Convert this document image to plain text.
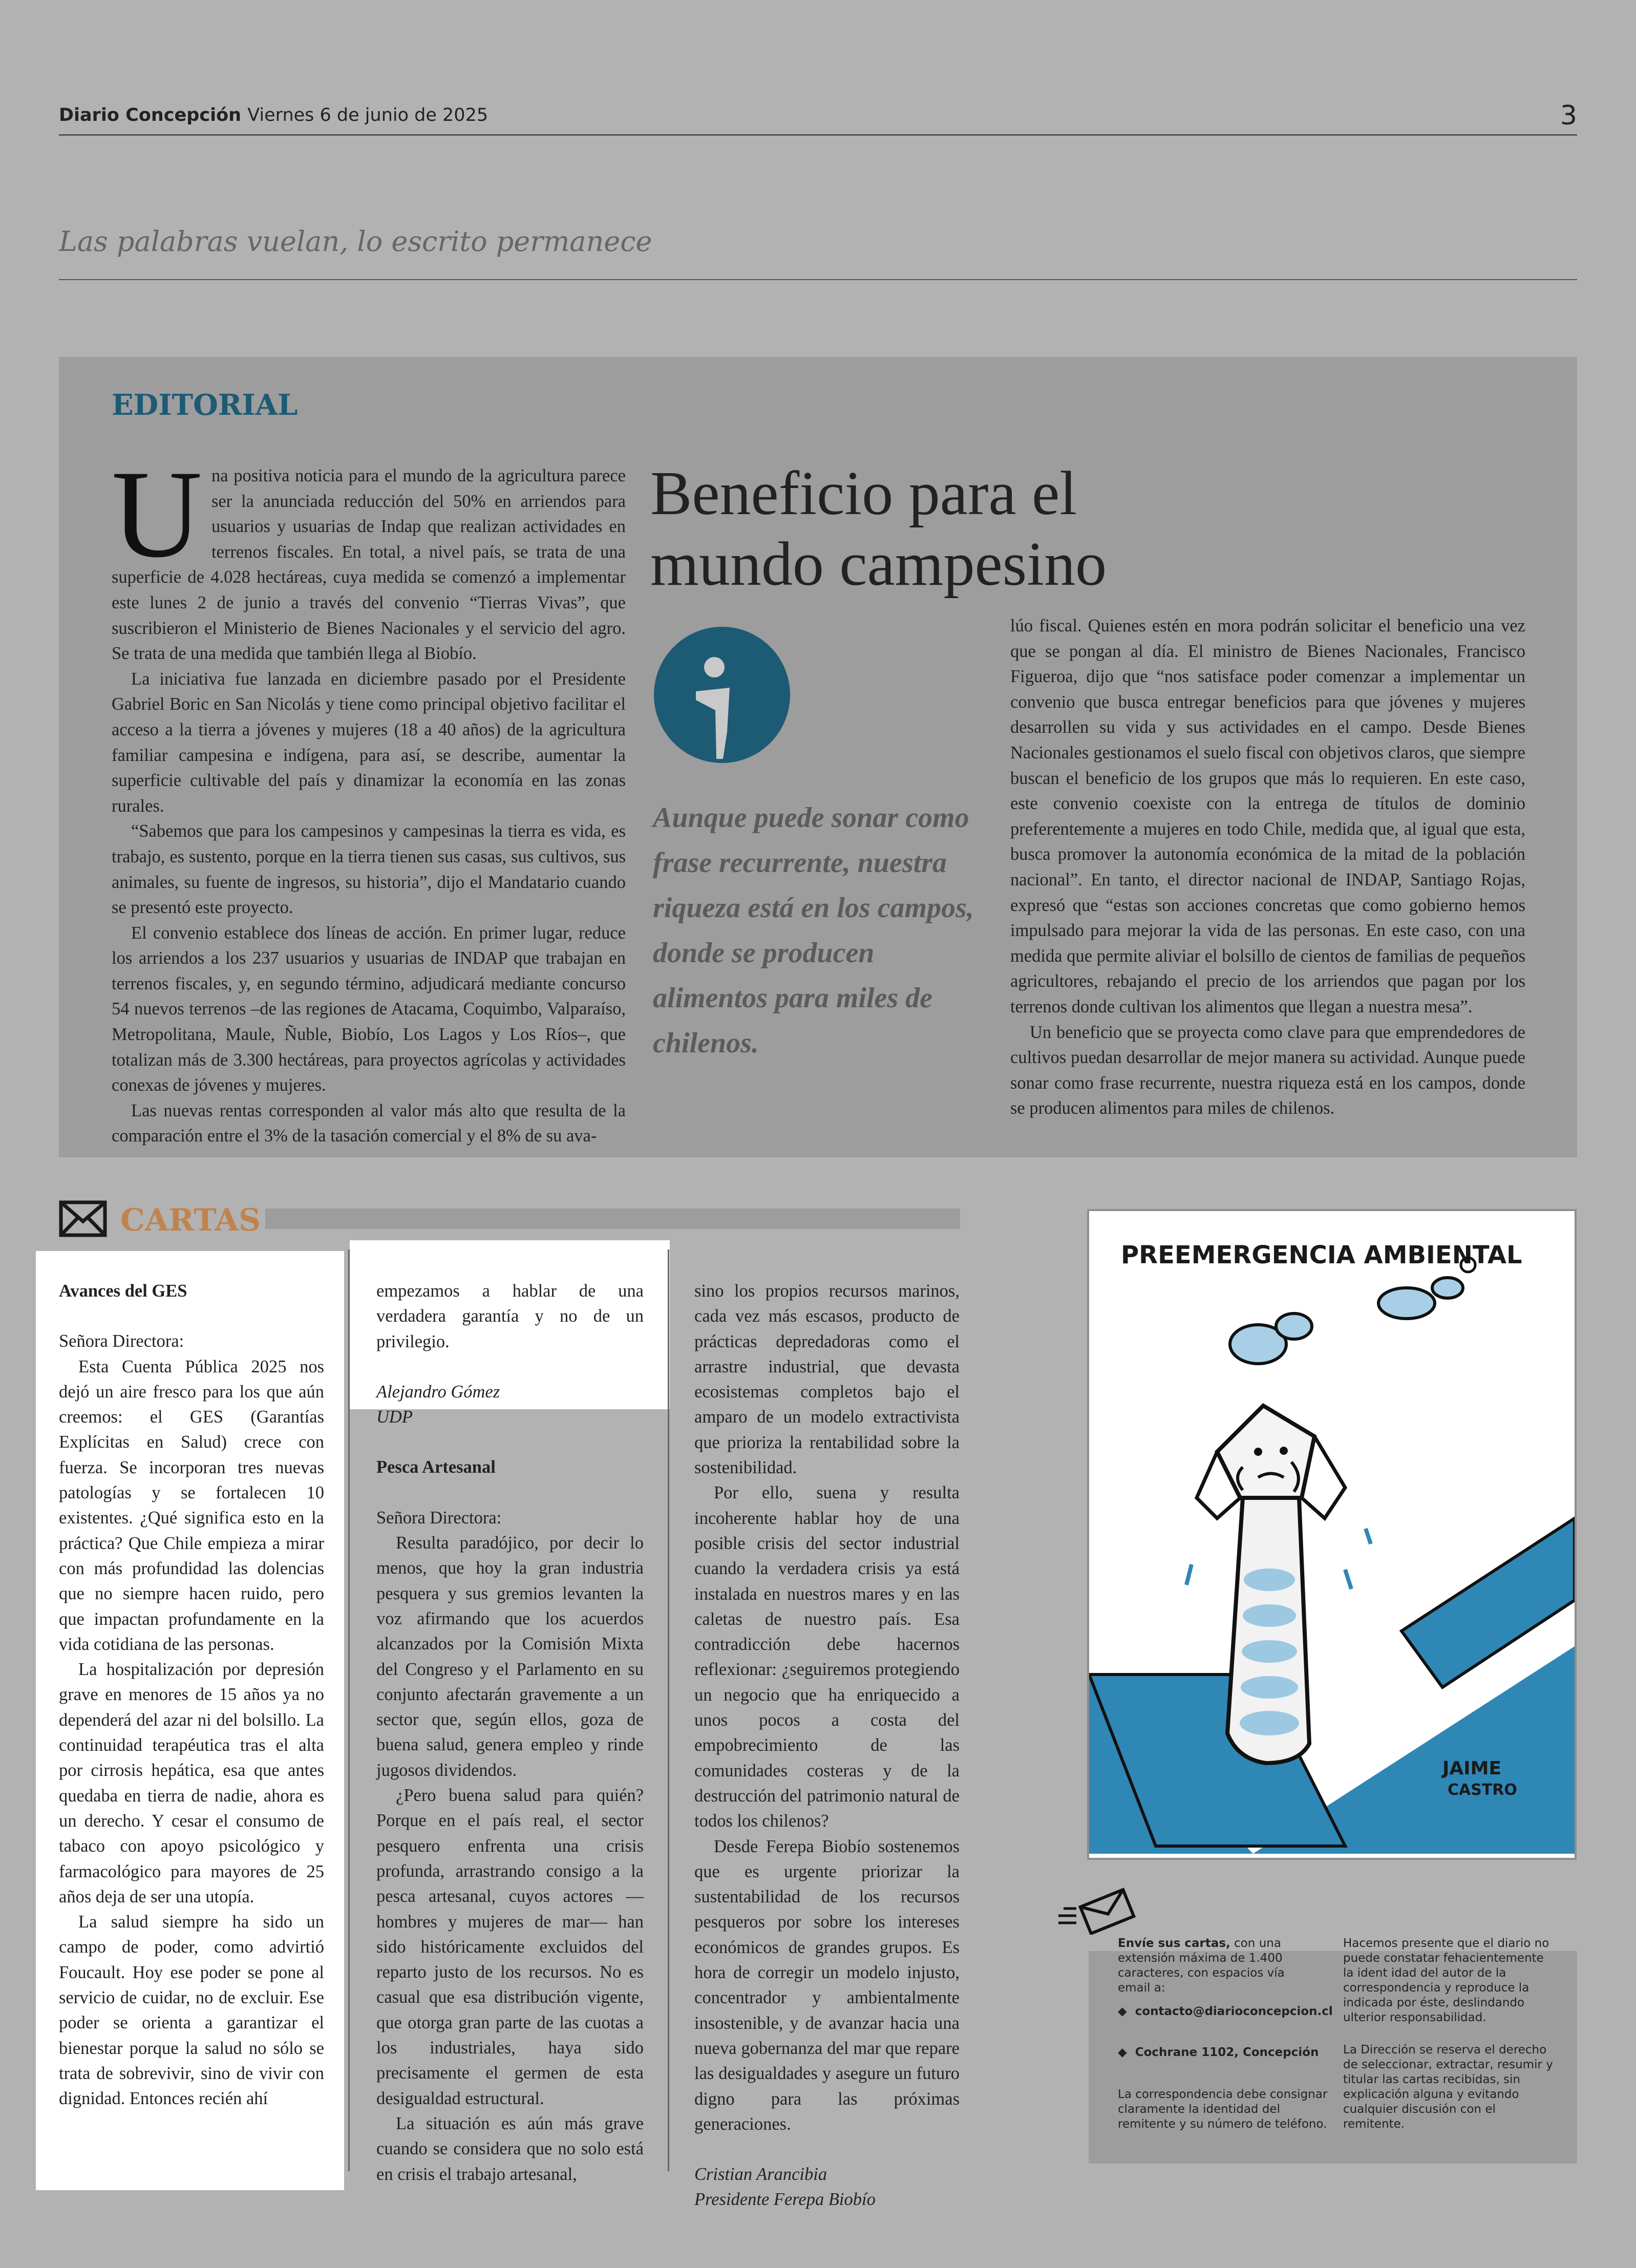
Diario Concepción Viernes 6 de junio de 2025	3
Las palabras vuelan, lo escrito permanece
EDITORIAL

Una positiva noticia para el mundo de la agricultura parece ser la anunciada reducción del 50% en arriendos para usuarios y usuarias de Indap que realizan actividades en terrenos fiscales. En total, a nivel país, se trata de una superficie de 4.028 hectáreas, cuya medida se comenzó a implementar este lunes 2 de junio a través del convenio “Tierras Vivas”, que suscribieron el Ministerio de Bienes Nacionales y el servicio del agro. Se trata de una medida que también llega al Biobío.

La iniciativa fue lanzada en diciembre pasado por el Presidente Gabriel Boric en San Nicolás y tiene como principal objetivo facilitar el acceso a la tierra a jóvenes y mujeres (18 a 40 años) de la agricultura familiar campesina e indígena, para así, se describe, aumentar la superficie cultivable del país y dinamizar la economía en las zonas rurales.

“Sabemos que para los campesinos y campesinas la tierra es vida, es trabajo, es sustento, porque en la tierra tienen sus casas, sus cultivos, sus animales, su fuente de ingresos, su historia”, dijo el Mandatario cuando se presentó este proyecto.

El convenio establece dos líneas de acción. En primer lugar, reduce los arriendos a los 237 usuarios y usuarias de INDAP que trabajan en terrenos fiscales, y, en segundo término, adjudicará mediante concurso 54 nuevos terrenos –de las regiones de Atacama, Coquimbo, Valparaíso, Metropolitana, Maule, Ñuble, Biobío, Los Lagos y Los Ríos–, que totalizan más de 3.300 hectáreas, para proyectos agrícolas y actividades conexas de jóvenes y mujeres.

Las nuevas rentas corresponden al valor más alto que resulta de la comparación entre el 3% de la tasación comercial y el 8% de su ava-

Beneficio para el mundo campesino
Aunque puede sonar como frase recurrente, nuestra riqueza está en los campos, donde se producen alimentos para miles de chilenos.

lúo fiscal. Quienes estén en mora podrán solicitar el beneficio una vez que se pongan al día. El ministro de Bienes Nacionales, Francisco Figueroa, dijo que “nos satisface poder comenzar a implementar un convenio que busca entregar beneficios para que jóvenes y mujeres desarrollen su vida y sus actividades en el campo. Desde Bienes Nacionales gestionamos el suelo fiscal con objetivos claros, que siempre buscan el beneficio de los grupos que más lo requieren. En este caso, este convenio coexiste con la entrega de títulos de dominio preferentemente a mujeres en todo Chile, medida que, al igual que esta, busca promover la autonomía económica de la mitad de la población nacional”. En tanto, el director nacional de INDAP, Santiago Rojas, expresó que “estas son acciones concretas que como gobierno hemos impulsado para mejorar la vida de las personas. En este caso, con una medida que permite aliviar el bolsillo de cientos de familias de pequeños agricultores, rebajando el precio de los arriendos que pagan por los terrenos donde cultivan los alimentos que llegan a nuestra mesa”.

Un beneficio que se proyecta como clave para que emprendedores de cultivos puedan desarrollar de mejor manera su actividad. Aunque puede sonar como frase recurrente, nuestra riqueza está en los campos, donde se producen alimentos para miles de chilenos.

CARTAS

Avances del GES

Señora Directora:

Esta Cuenta Pública 2025 nos dejó un aire fresco para los que aún creemos: el GES (Garantías Explícitas en Salud) crece con fuerza. Se incorporan tres nuevas patologías y se fortalecen 10 existentes. ¿Qué significa esto en la práctica? Que Chile empieza a mirar con más profundidad las dolencias que no siempre hacen ruido, pero que impactan profundamente en la vida cotidiana de las personas.

La hospitalización por depresión grave en menores de 15 años ya no dependerá del azar ni del bolsillo. La continuidad terapéutica tras el alta por cirrosis hepática, esa que antes quedaba en tierra de nadie, ahora es un derecho. Y cesar el consumo de tabaco con apoyo psicológico y farmacológico para mayores de 25 años deja de ser una utopía.

La salud siempre ha sido un campo de poder, como advirtió Foucault. Hoy ese poder se pone al servicio de cuidar, no de excluir. Ese poder se orienta a garantizar el bienestar porque la salud no sólo se trata de sobrevivir, sino de vivir con dignidad. Entonces recién ahí

empezamos a hablar de una verdadera garantía y no de un privilegio.

Alejandro Gómez

UDP

Pesca Artesanal

Señora Directora:

Resulta paradójico, por decir lo menos, que hoy la gran industria pesquera y sus gremios levanten la voz afirmando que los acuerdos alcanzados por la Comisión Mixta del Congreso y el Parlamento en su conjunto afectarán gravemente a un sector que, según ellos, goza de buena salud, genera empleo y rinde jugosos dividendos.

¿Pero buena salud para quién? Porque en el país real, el sector pesquero enfrenta una crisis profunda, arrastrando consigo a la pesca artesanal, cuyos actores —hombres y mujeres de mar— han sido históricamente excluidos del reparto justo de los recursos. No es casual que esa distribución vigente, que otorga gran parte de las cuotas a los industriales, haya sido precisamente el germen de esta desigualdad estructural.

La situación es aún más grave cuando se considera que no solo está en crisis el trabajo artesanal,

sino los propios recursos marinos, cada vez más escasos, producto de prácticas depredadoras como el arrastre industrial, que devasta ecosistemas completos bajo el amparo de un modelo extractivista que prioriza la rentabilidad sobre la sostenibilidad.

Por ello, suena y resulta incoherente hablar hoy de una posible crisis del sector industrial cuando la verdadera crisis ya está instalada en nuestros mares y en las caletas de nuestro país. Esa contradicción debe hacernos reflexionar: ¿seguiremos protegiendo un negocio que ha enriquecido a unos pocos a costa del empobrecimiento de las comunidades costeras y de la destrucción del patrimonio natural de todos los chilenos?

Desde Ferepa Biobío sostenemos que es urgente priorizar la sustentabilidad de los recursos pesqueros por sobre los intereses económicos de grandes grupos. Es hora de corregir un modelo injusto, concentrador y ambientalmente insostenible, y de avanzar hacia una nueva gobernanza del mar que repare las desigualdades y asegure un futuro digno para las próximas generaciones.

Cristian Arancibia

Presidente Ferepa Biobío

PREEMERGENCIA AMBIENTAL
JAIME
CASTRO
Envíe sus cartas, con una extensión máxima de 1.400 caracteres, con espacios vía email a:
◆  contacto@diarioconcepcion.cl
◆  Cochrane 1102, Concepción
La correspondencia debe consignar claramente la identidad del remitente y su número de teléfono.
Hacemos presente que el diario no puede constatar fehacientemente la ident idad del autor de la correspondencia y reproduce la indicada por éste, deslindando ulterior responsabilidad.
La Dirección se reserva el derecho de seleccionar, extractar, resumir y titular las cartas recibidas, sin explicación alguna y evitando cualquier discusión con el remitente.
